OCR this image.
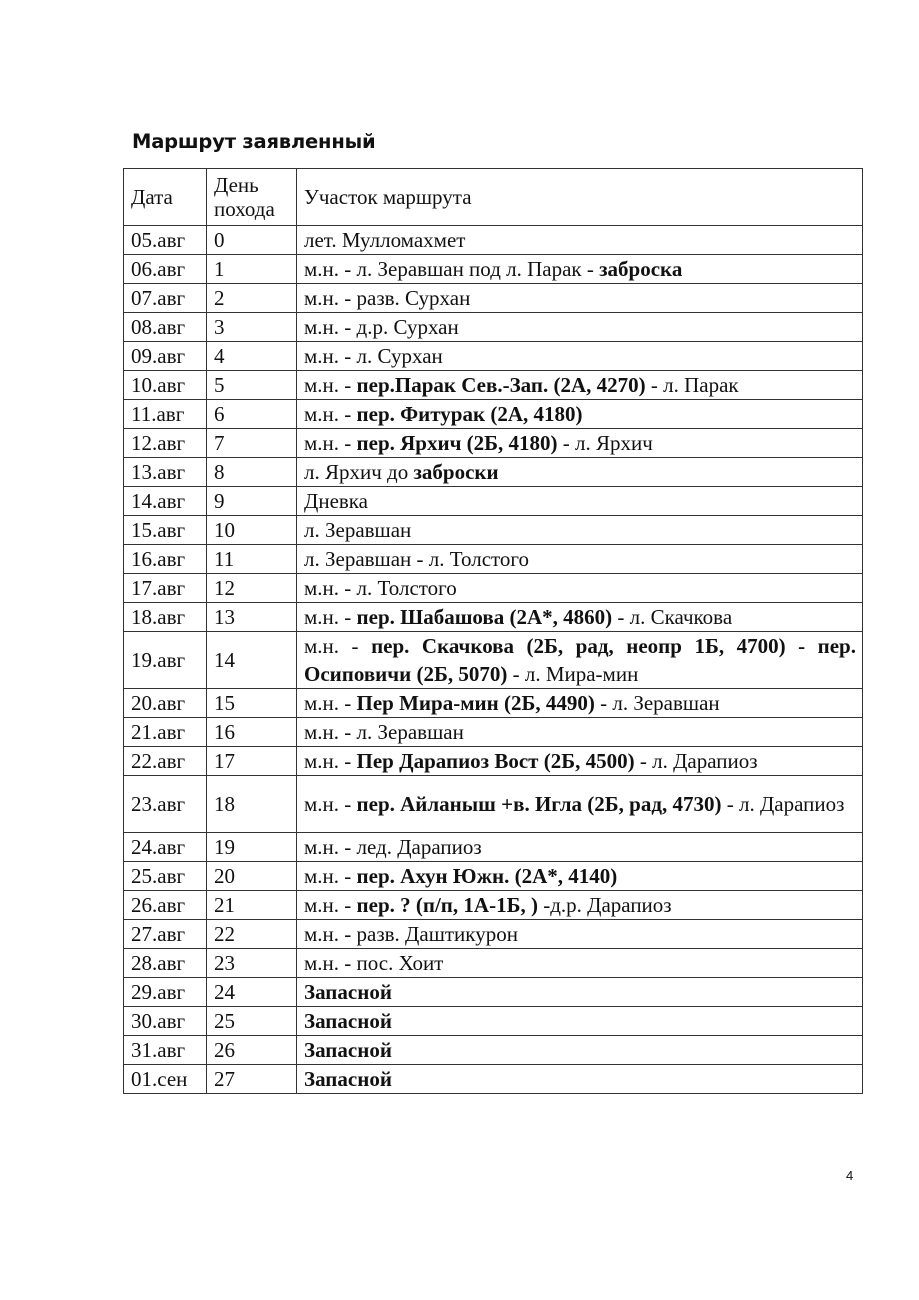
Маршрут заявленный
Дата	День похода	Участок маршрута
05.авг	0	лет. Мулломахмет
06.авг	1	м.н. - л. Зеравшан под л. Парак - заброска
07.авг	2	м.н. - разв. Сурхан
08.авг	3	м.н. - д.р. Сурхан
09.авг	4	м.н. - л. Сурхан
10.авг	5	м.н. - пер.Парак Сев.-Зап. (2А, 4270) - л. Парак
11.авг	6	м.н. - пер. Фитурак (2А, 4180)
12.авг	7	м.н. - пер. Ярхич (2Б, 4180) - л. Ярхич
13.авг	8	л. Ярхич до заброски
14.авг	9	Дневка
15.авг	10	л. Зеравшан
16.авг	11	л. Зеравшан - л. Толстого
17.авг	12	м.н. - л. Толстого
18.авг	13	м.н. - пер. Шабашова (2А*, 4860) - л. Скачкова
19.авг	14	м.н. - пер. Скачкова (2Б, рад, неопр 1Б, 4700) - пер. Осиповичи (2Б, 5070) - л. Мира-мин
20.авг	15	м.н. - Пер Мира-мин (2Б, 4490) - л. Зеравшан
21.авг	16	м.н. - л. Зеравшан
22.авг	17	м.н. - Пер Дарапиоз Вост (2Б, 4500) - л. Дарапиоз
23.авг	18	м.н. - пер. Айланыш +в. Игла (2Б, рад, 4730) - л. Дарапиоз
24.авг	19	м.н. - лед. Дарапиоз
25.авг	20	м.н. - пер. Ахун Южн. (2А*, 4140)
26.авг	21	м.н. - пер. ? (п/п, 1А-1Б, ) -д.р. Дарапиоз
27.авг	22	м.н. - разв. Даштикурон
28.авг	23	м.н. - пос. Хоит
29.авг	24	Запасной
30.авг	25	Запасной
31.авг	26	Запасной
01.сен	27	Запасной
4
